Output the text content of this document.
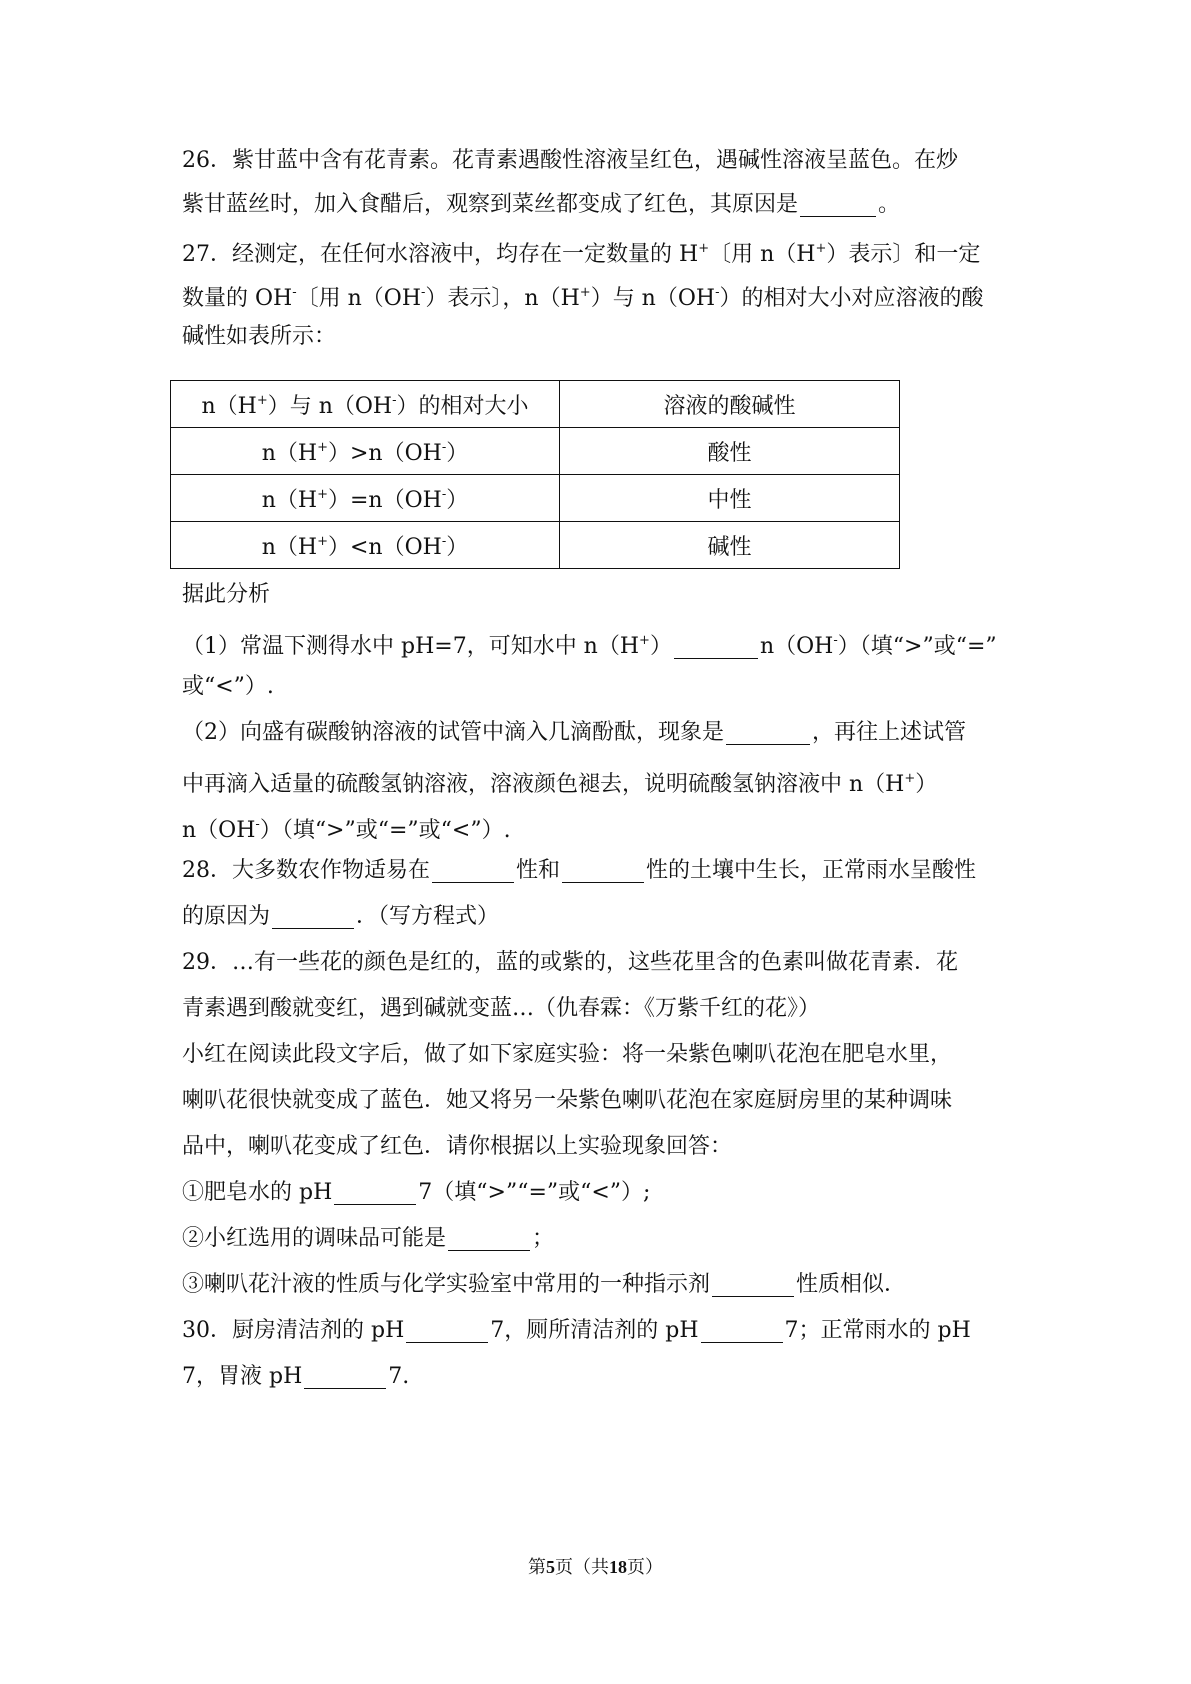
26．紫甘蓝中含有花青素。花青素遇酸性溶液呈红色，遇碱性溶液呈蓝色。在炒
紫甘蓝丝时，加入食醋后，观察到菜丝都变成了红色，其原因是	。
27．经测定，在任何水溶液中，均存在一定数量的 H+〔用 n（H+）表示〕和一定
数量的 OH-〔用 n（OH-）表示〕，n（H+）与 n（OH-）的相对大小对应溶液的酸
碱性如表所示：
n（H+）与 n（OH-）的相对大小	溶液的酸碱性
n（H+）>n（OH-）	酸性
n（H+）=n（OH-）	中性
n（H+）<n（OH-）	碱性
据此分析
（1）常温下测得水中 pH=7，可知水中 n（H+）	n（OH-）（填“>”或“=”
或“<”）.
（2）向盛有碳酸钠溶液的试管中滴入几滴酚酞，现象是	，再往上述试管
中再滴入适量的硫酸氢钠溶液，溶液颜色褪去，说明硫酸氢钠溶液中 n（H+）
n（OH-）（填“>”或“=”或“<”）.
28．大多数农作物适易在	性和	性的土壤中生长，正常雨水呈酸性
的原因为	．（写方程式）
29．…有一些花的颜色是红的，蓝的或紫的，这些花里含的色素叫做花青素．花
青素遇到酸就变红，遇到碱就变蓝…（仇春霖：《万紫千红的花》）
小红在阅读此段文字后，做了如下家庭实验：将一朵紫色喇叭花泡在肥皂水里，
喇叭花很快就变成了蓝色．她又将另一朵紫色喇叭花泡在家庭厨房里的某种调味
品中，喇叭花变成了红色．请你根据以上实验现象回答：
①肥皂水的 pH	7（填“>”“=”或“<”）;
②小红选用的调味品可能是	；
③喇叭花汁液的性质与化学实验室中常用的一种指示剂	性质相似．
30．厨房清洁剂的 pH	7，厕所清洁剂的 pH	7；正常雨水的 pH
7，胃液 pH	7.
第5页（共18页）
